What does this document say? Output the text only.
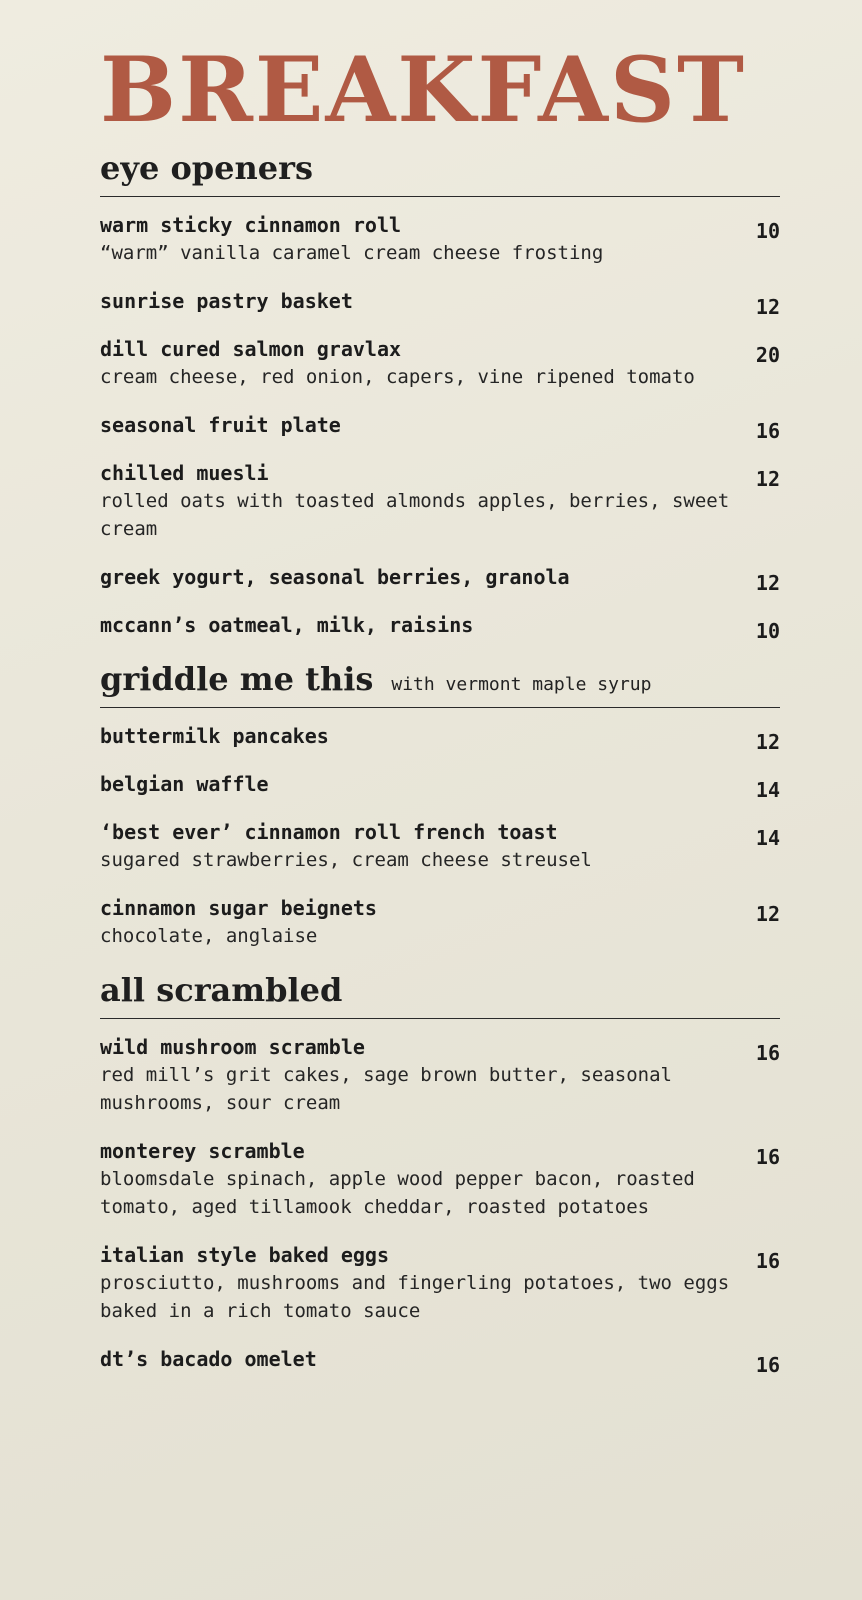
BREAKFAST
eye openers
warm sticky cinnamon roll	10
“warm” vanilla caramel cream cheese frosting
sunrise pastry basket	12
dill cured salmon gravlax	20
cream cheese, red onion, capers, vine ripened tomato
seasonal fruit plate	16
chilled muesli	12
rolled oats with toasted almonds apples, berries, sweet cream
greek yogurt, seasonal berries, granola	12
mccann’s oatmeal, milk, raisins	10
griddle me this with vermont maple syrup
buttermilk pancakes	12
belgian waffle	14
‘best ever’ cinnamon roll french toast	14
sugared strawberries, cream cheese streusel
cinnamon sugar beignets	12
chocolate, anglaise
all scrambled
wild mushroom scramble	16
red mill’s grit cakes, sage brown butter, seasonal mushrooms, sour cream
monterey scramble	16
bloomsdale spinach, apple wood pepper bacon, roasted tomato, aged tillamook cheddar, roasted potatoes
italian style baked eggs	16
prosciutto, mushrooms and fingerling potatoes, two eggs baked in a rich tomato sauce
dt’s bacado omelet	16
